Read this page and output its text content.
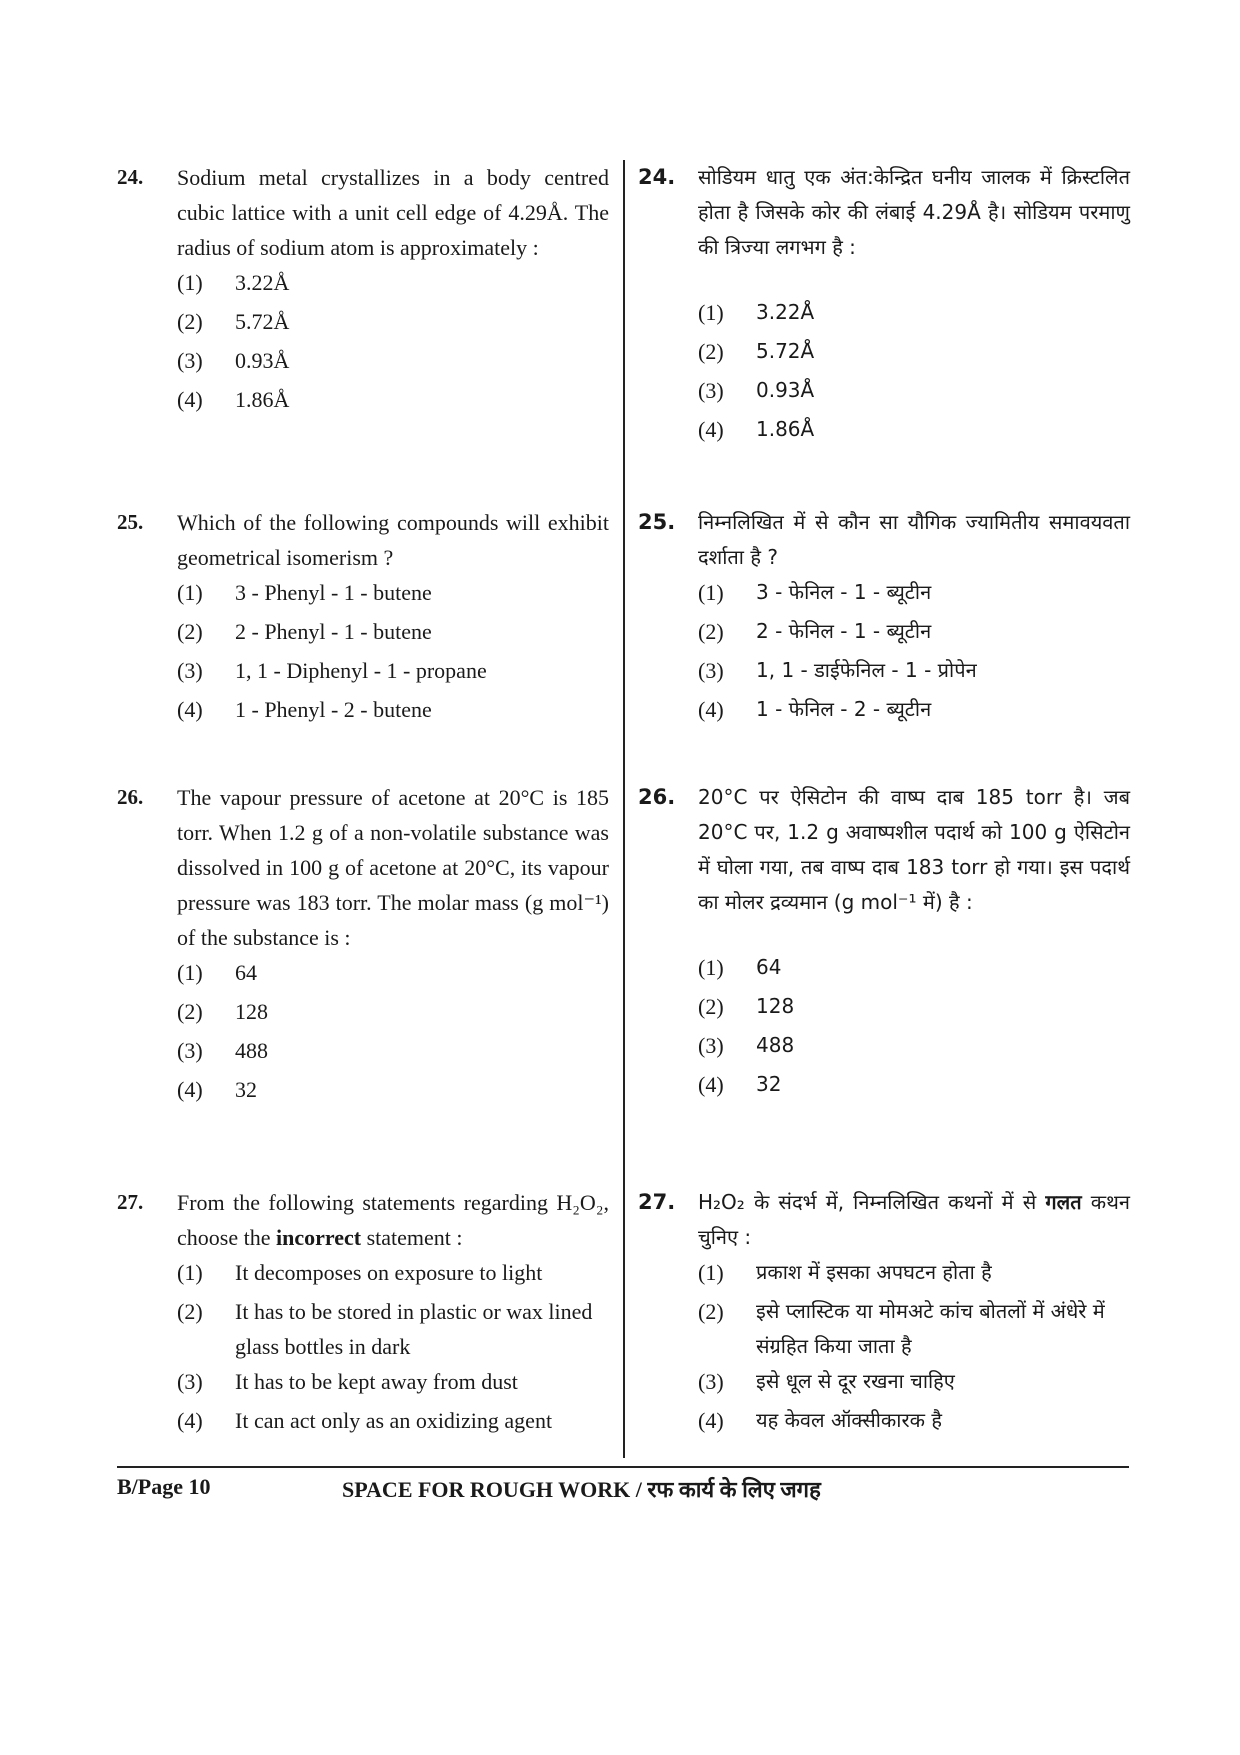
24. Sodium metal crystallizes in a body centred cubic lattice with a unit cell edge of 4.29Å. The radius of sodium atom is approximately :
(1)	3.22Å
(2)	5.72Å
(3)	0.93Å
(4)	1.86Å
25. Which of the following compounds will exhibit geometrical isomerism ?
(1)	3 - Phenyl - 1 - butene
(2)	2 - Phenyl - 1 - butene
(3)	1, 1 - Diphenyl - 1 - propane
(4)	1 - Phenyl - 2 - butene
26. The vapour pressure of acetone at 20°C is 185 torr. When 1.2 g of a non-volatile substance was dissolved in 100 g of acetone at 20°C, its vapour pressure was 183 torr. The molar mass (g mol⁻¹) of the substance is :
(1)	64
(2)	128
(3)	488
(4)	32
27. From the following statements regarding H₂O₂, choose the incorrect statement :
(1)	It decomposes on exposure to light
(2)	It has to be stored in plastic or wax lined glass bottles in dark
(3)	It has to be kept away from dust
(4)	It can act only as an oxidizing agent
24. सोडियम धातु एक अंत:केन्द्रित घनीय जालक में क्रिस्टलित होता है जिसके कोर की लंबाई 4.29Å है। सोडियम परमाणु की त्रिज्या लगभग है :
(1)	3.22Å
(2)	5.72Å
(3)	0.93Å
(4)	1.86Å
25. निम्नलिखित में से कौन सा यौगिक ज्यामितीय समावयवता दर्शाता है ?
(1)	3 - फेनिल - 1 - ब्यूटीन
(2)	2 - फेनिल - 1 - ब्यूटीन
(3)	1, 1 - डाईफेनिल - 1 - प्रोपेन
(4)	1 - फेनिल - 2 - ब्यूटीन
26. 20°C पर ऐसिटोन की वाष्प दाब 185 torr है। जब 20°C पर, 1.2 g अवाष्पशील पदार्थ को 100 g ऐसिटोन में घोला गया, तब वाष्प दाब 183 torr हो गया। इस पदार्थ का मोलर द्रव्यमान (g mol⁻¹ में) है :
(1)	64
(2)	128
(3)	488
(4)	32
27. H₂O₂ के संदर्भ में, निम्नलिखित कथनों में से गलत कथन चुनिए :
(1)	प्रकाश में इसका अपघटन होता है
(2)	इसे प्लास्टिक या मोमअटे कांच बोतलों में अंधेरे में संग्रहित किया जाता है
(3)	इसे धूल से दूर रखना चाहिए
(4)	यह केवल ऑक्सीकारक है
B/Page 10	SPACE FOR ROUGH WORK / रफ कार्य के लिए जगह
